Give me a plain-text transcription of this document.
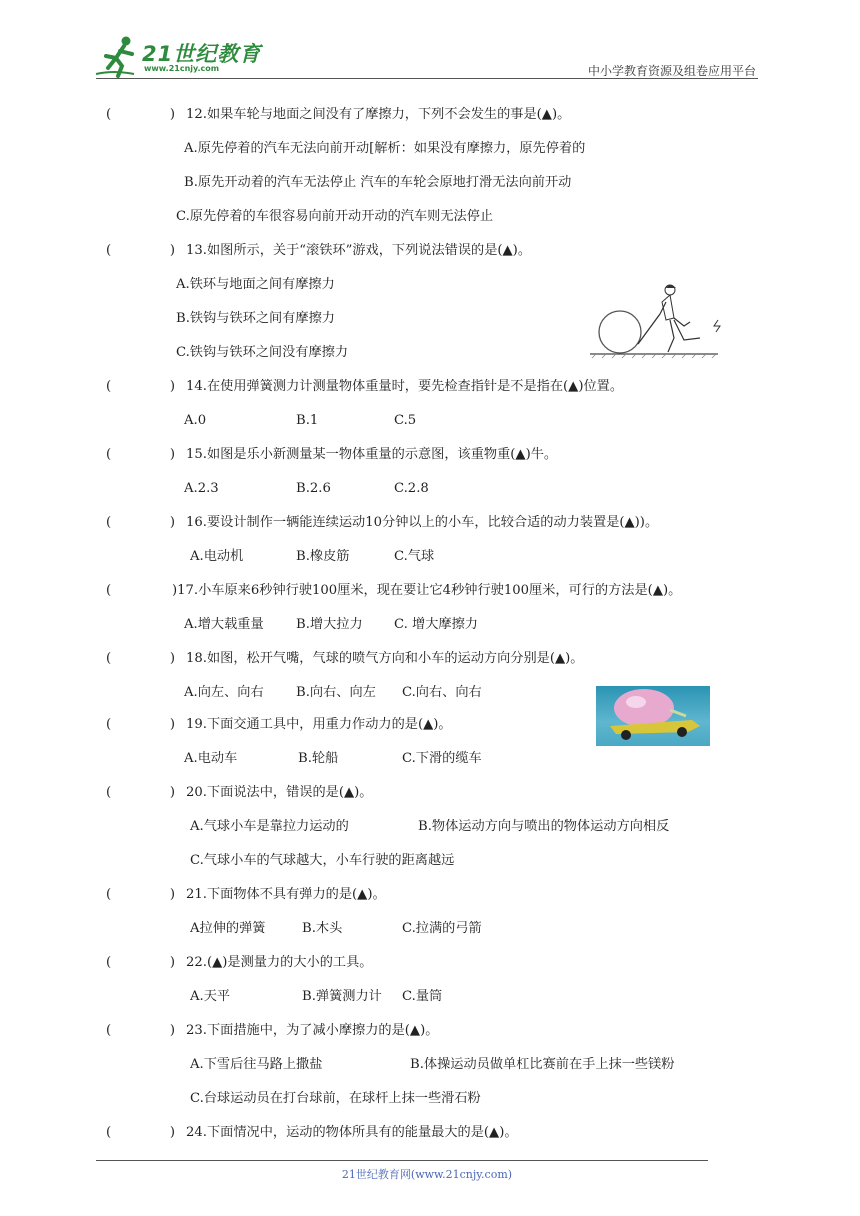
21世纪教育
www.21cnjy.com	中小学教育资源及组卷应用平台
(              ) 12.如果车轮与地面之间没有了摩擦力，下列不会发生的事是(▲)。
A.原先停着的汽车无法向前开动[解析：如果没有摩擦力，原先停着的
B.原先开动着的汽车无法停止 汽车的车轮会原地打滑无法向前开动
C.原先停着的车很容易向前开动开动的汽车则无法停止
(              ) 13.如图所示，关于“滚铁环”游戏，下列说法错误的是(▲)。
A.铁环与地面之间有摩擦力
B.铁钩与铁环之间有摩擦力
C.铁钩与铁环之间没有摩擦力
(              ) 14.在使用弹簧测力计测量物体重量时，要先检查指针是不是指在(▲)位置。
A.0	B.1	C.5
(              ) 15.如图是乐小新测量某一物体重量的示意图，该重物重(▲)牛。
A.2.3	B.2.6	C.2.8
(              ) 16.要设计制作一辆能连续运动10分钟以上的小车，比较合适的动力装置是(▲))。
A.电动机	B.橡皮筋	C.气球
( )17.小车原来6秒钟行驶100厘米，现在要让它4秒钟行驶100厘米，可行的方法是(▲)。
A.增大载重量 B.增大拉力 C. 增大摩擦力
(              ) 18.如图，松开气嘴，气球的喷气方向和小车的运动方向分别是(▲)。
A.向左、向右 B.向右、向左 C.向右、向右
(              ) 19.下面交通工具中，用重力作动力的是(▲)。
A.电动车	B.轮船	C.下滑的缆车
(              ) 20.下面说法中，错误的是(▲)。
A.气球小车是靠拉力运动的	B.物体运动方向与喷出的物体运动方向相反
C.气球小车的气球越大，小车行驶的距离越远
(              ) 21.下面物体不具有弹力的是(▲)。
A拉伸的弹簧	B.木头	C.拉满的弓箭
(              ) 22.(▲)是测量力的大小的工具。
A.天平	B.弹簧测力计 C.量筒
(              ) 23.下面措施中，为了减小摩擦力的是(▲)。
A.下雪后往马路上撒盐	B.体操运动员做单杠比赛前在手上抹一些镁粉
C.台球运动员在打台球前，在球杆上抹一些滑石粉
(              ) 24.下面情况中，运动的物体所具有的能量最大的是(▲)。
21世纪教育网(www.21cnjy.com)
